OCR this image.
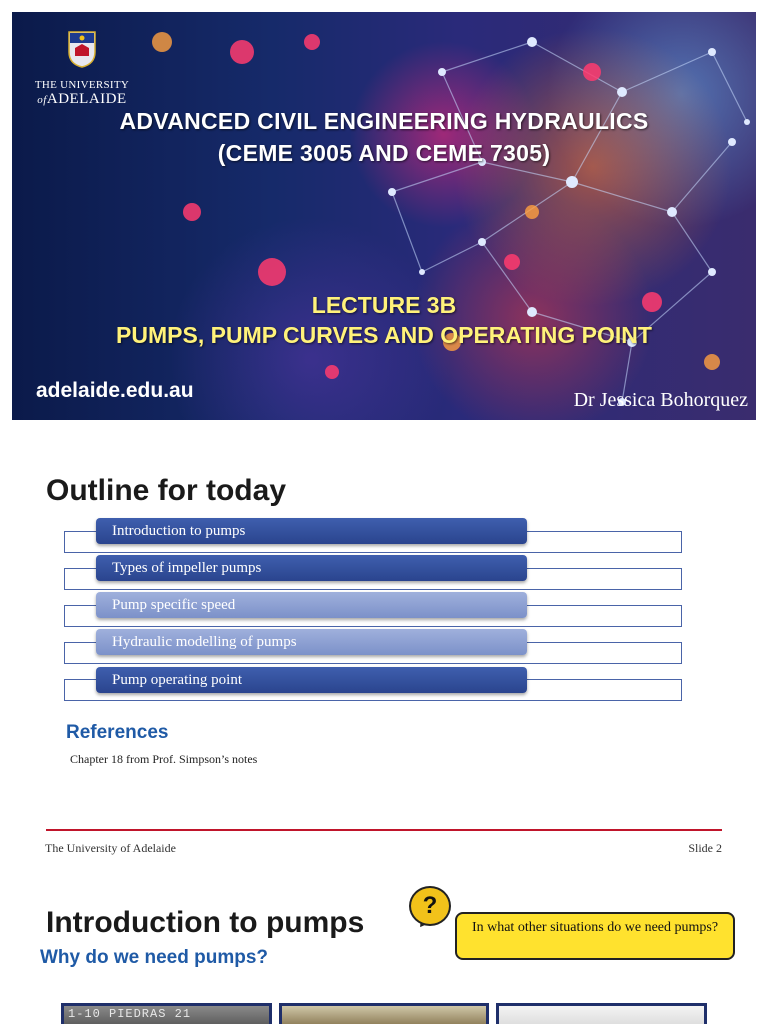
THE UNIVERSITY
ofADELAIDE
ADVANCED CIVIL ENGINEERING HYDRAULICS
(CEME 3005 AND CEME 7305)
LECTURE 3B
PUMPS, PUMP CURVES AND OPERATING POINT
adelaide.edu.au	Dr Jessica Bohorquez
Outline for today
Introduction to pumps
Types of impeller pumps
Pump specific speed
Hydraulic modelling of pumps
Pump operating point
References
Chapter 18 from Prof. Simpson’s notes
The University of Adelaide	Slide 2
Introduction to pumps
Why do we need pumps?
?
In what other situations do we need pumps?
1-10 PIEDRAS 21
